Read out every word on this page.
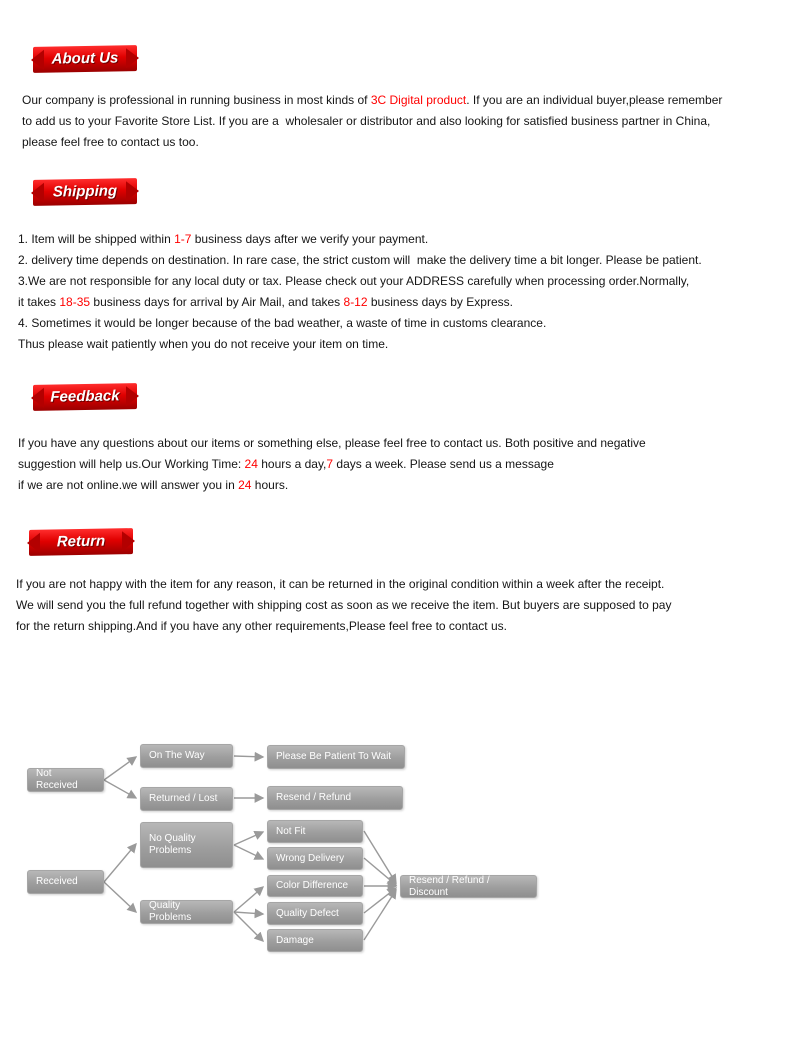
About Us
Our company is professional in running business in most kinds of 3C Digital product. If you are an individual buyer,please remember
to add us to your Favorite Store List. If you are a  wholesaler or distributor and also looking for satisfied business partner in China,
please feel free to contact us too.
Shipping
1. Item will be shipped within 1-7 business days after we verify your payment.
2. delivery time depends on destination. In rare case, the strict custom will  make the delivery time a bit longer. Please be patient.
3.We are not responsible for any local duty or tax. Please check out your ADDRESS carefully when processing order.Normally,
it takes 18-35 business days for arrival by Air Mail, and takes 8-12 business days by Express.
4. Sometimes it would be longer because of the bad weather, a waste of time in customs clearance.
Thus please wait patiently when you do not receive your item on time.
Feedback
If you have any questions about our items or something else, please feel free to contact us. Both positive and negative
suggestion will help us.Our Working Time: 24 hours a day,7 days a week. Please send us a message
if we are not online.we will answer you in 24 hours.
Return
If you are not happy with the item for any reason, it can be returned in the original condition within a week after the receipt.
We will send you the full refund together with shipping cost as soon as we receive the item. But buyers are supposed to pay
for the return shipping.And if you have any other requirements,Please feel free to contact us.
Not Received
On The Way
Returned / Lost
Please Be Patient To Wait
Resend / Refund
No Quality Problems
Quality Problems
Not Fit
Wrong Delivery
Color Difference
Quality Defect
Damage
Received	Resend / Refund / Discount
